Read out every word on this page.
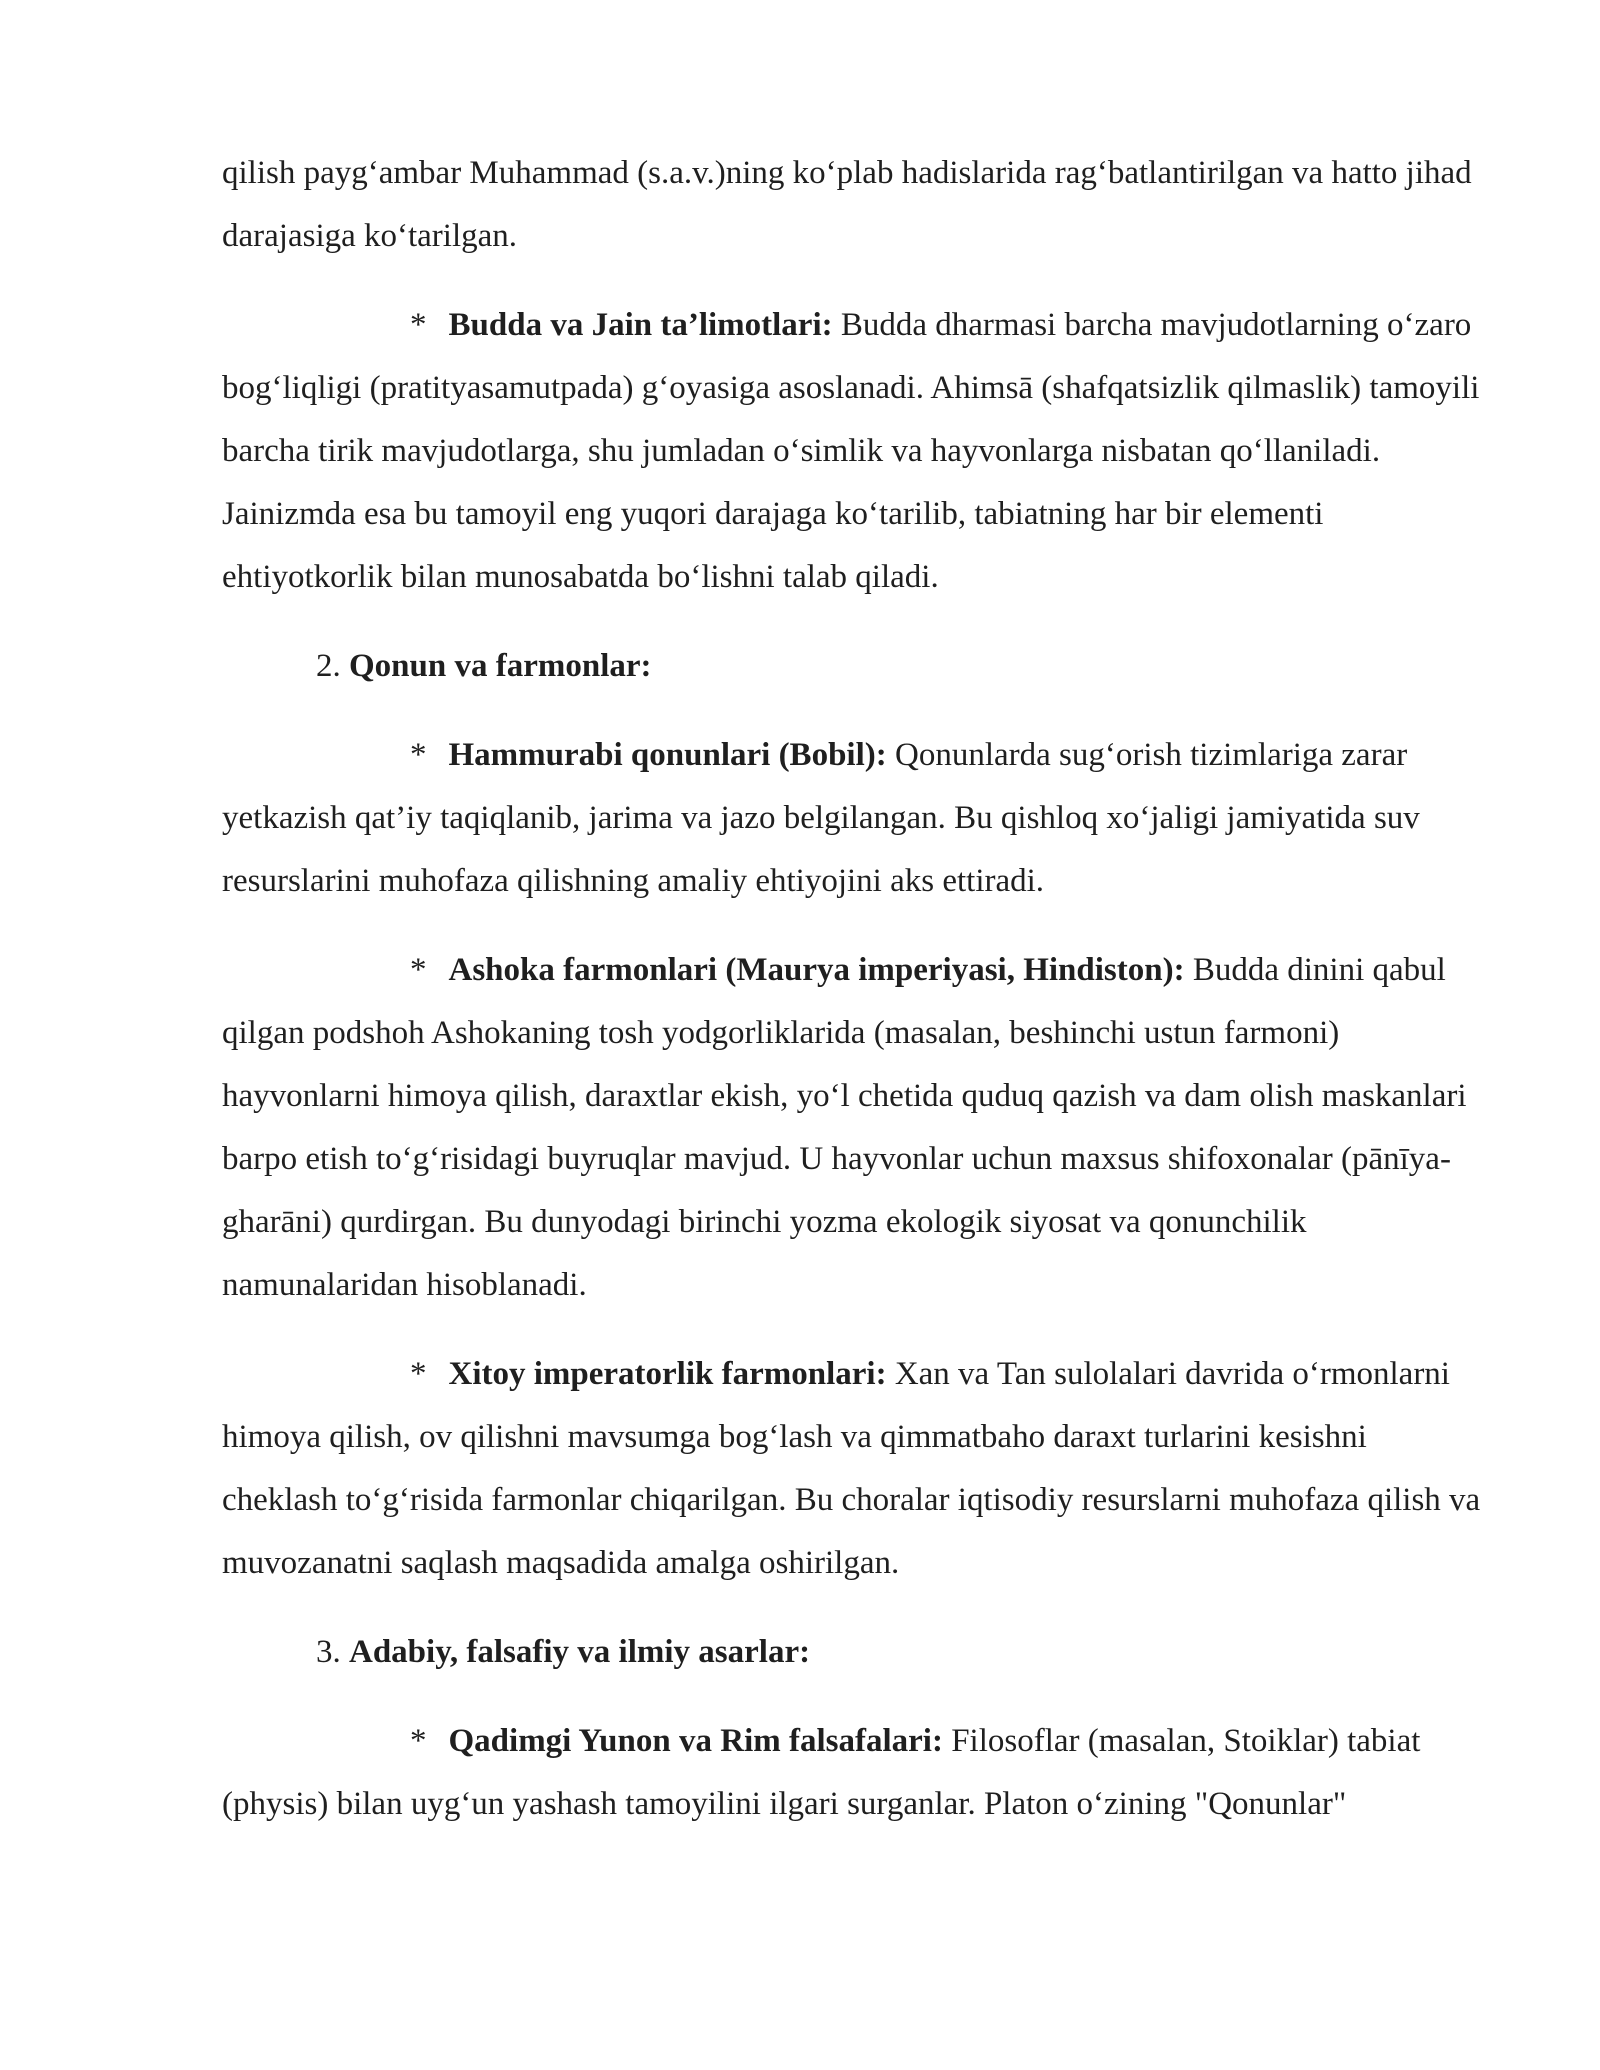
qilish payg‘ambar Muhammad (s.a.v.)ning ko‘plab hadislarida rag‘batlantirilgan va hatto jihad darajasiga ko‘tarilgan.

* Budda va Jain ta’limotlari: Budda dharmasi barcha mavjudotlarning o‘zaro bog‘liqligi (pratityasamutpada) g‘oyasiga asoslanadi. Ahimsā (shafqatsizlik qilmaslik) tamoyili barcha tirik mavjudotlarga, shu jumladan o‘simlik va hayvonlarga nisbatan qo‘llaniladi. Jainizmda esa bu tamoyil eng yuqori darajaga ko‘tarilib, tabiatning har bir elementi ehtiyotkorlik bilan munosabatda bo‘lishni talab qiladi.

2. Qonun va farmonlar:

* Hammurabi qonunlari (Bobil): Qonunlarda sug‘orish tizimlariga zarar yetkazish qat’iy taqiqlanib, jarima va jazo belgilangan. Bu qishloq xo‘jaligi jamiyatida suv resurslarini muhofaza qilishning amaliy ehtiyojini aks ettiradi.

* Ashoka farmonlari (Maurya imperiyasi, Hindiston): Budda dinini qabul qilgan podshoh Ashokaning tosh yodgorliklarida (masalan, beshinchi ustun farmoni) hayvonlarni himoya qilish, daraxtlar ekish, yo‘l chetida quduq qazish va dam olish maskanlari barpo etish to‘g‘risidagi buyruqlar mavjud. U hayvonlar uchun maxsus shifoxonalar (pānīya-gharāni) qurdirgan. Bu dunyodagi birinchi yozma ekologik siyosat va qonunchilik namunalaridan hisoblanadi.

* Xitoy imperatorlik farmonlari: Xan va Tan sulolalari davrida o‘rmonlarni himoya qilish, ov qilishni mavsumga bog‘lash va qimmatbaho daraxt turlarini kesishni cheklash to‘g‘risida farmonlar chiqarilgan. Bu choralar iqtisodiy resurslarni muhofaza qilish va muvozanatni saqlash maqsadida amalga oshirilgan.

3. Adabiy, falsafiy va ilmiy asarlar:

* Qadimgi Yunon va Rim falsafalari: Filosoflar (masalan, Stoiklar) tabiat (physis) bilan uyg‘un yashash tamoyilini ilgari surganlar. Platon o‘zining "Qonunlar"
